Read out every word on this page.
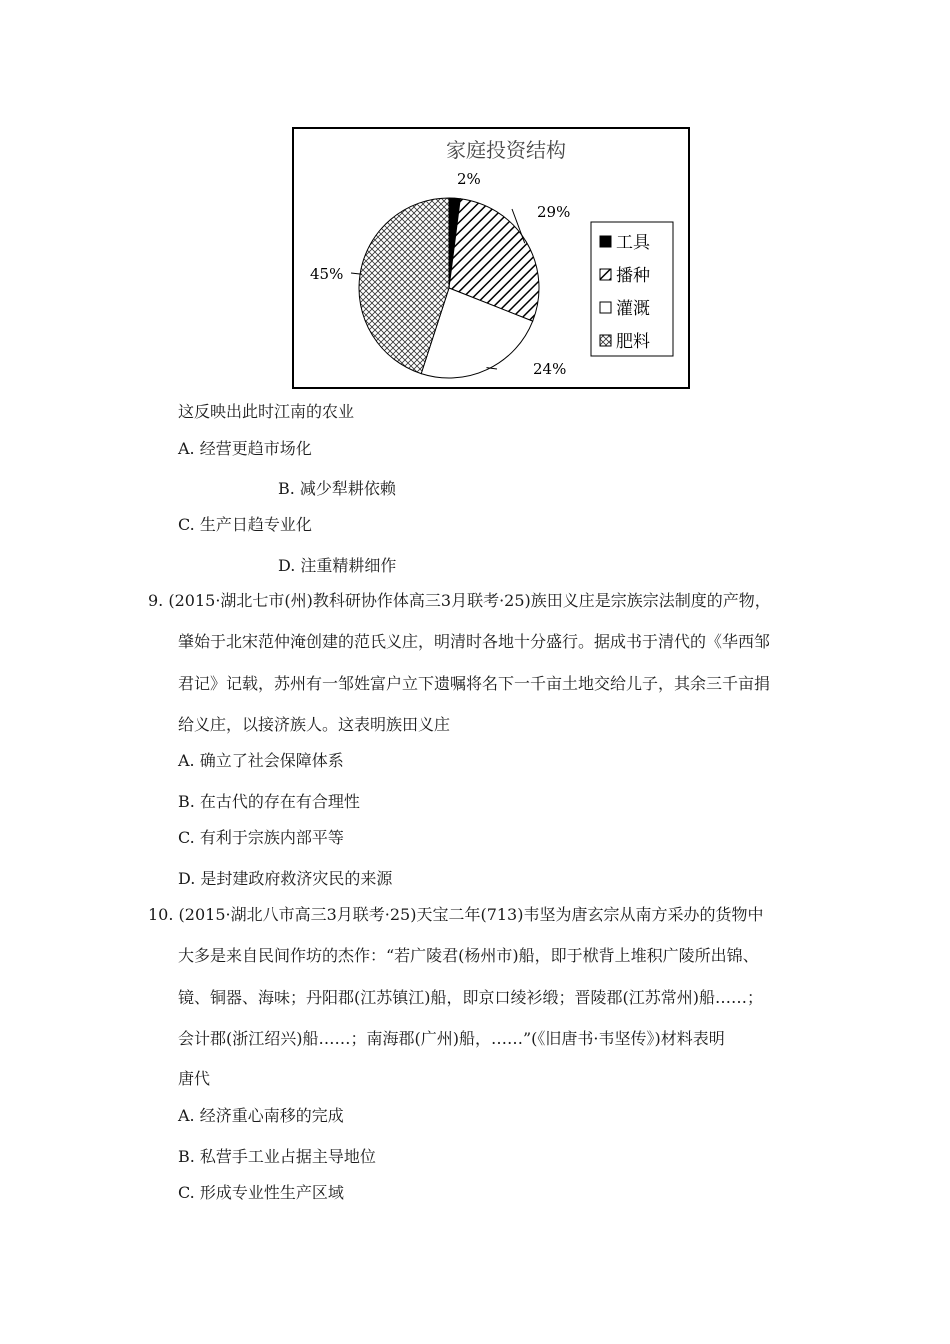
家庭投资结构
2%
29%
24%
45%
工具
播种
灌溉
肥料
这反映出此时江南的农业
A. 经营更趋市场化
B. 减少犁耕依赖
C. 生产日趋专业化
D. 注重精耕细作
9. (2015·湖北七市(州)教科研协作体高三3月联考·25)族田义庄是宗族宗法制度的产物，
肇始于北宋范仲淹创建的范氏义庄，明清时各地十分盛行。据成书于清代的《华西邹
君记》记载，苏州有一邹姓富户立下遗嘱将名下一千亩土地交给儿子，其余三千亩捐
给义庄，以接济族人。这表明族田义庄
A. 确立了社会保障体系
B. 在古代的存在有合理性
C. 有利于宗族内部平等
D. 是封建政府救济灾民的来源
10. (2015·湖北八市高三3月联考·25)天宝二年(713)韦坚为唐玄宗从南方采办的货物中
大多是来自民间作坊的杰作：“若广陵君(杨州市)船，即于栿背上堆积广陵所出锦、
镜、铜器、海味；丹阳郡(江苏镇江)船，即京口绫衫缎；晋陵郡(江苏常州)船……；
会计郡(浙江绍兴)船……；南海郡(广州)船，……”(《旧唐书·韦坚传》)材料表明
唐代
A. 经济重心南移的完成
B. 私营手工业占据主导地位
C. 形成专业性生产区域
